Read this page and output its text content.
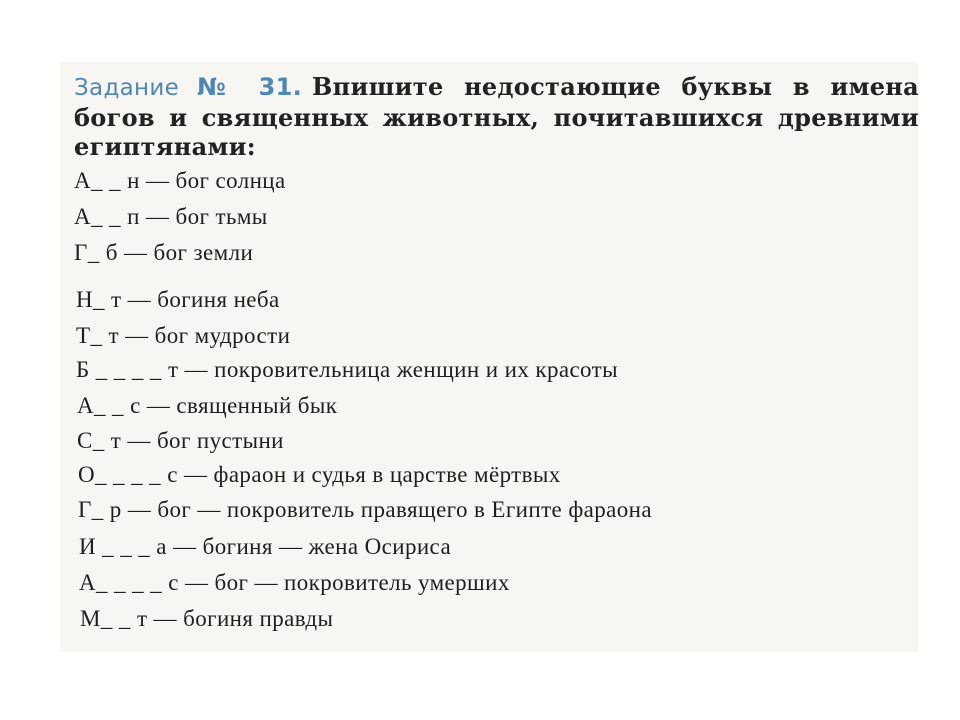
Задание № 31. Впишите недостающие буквы в имена богов и священных животных, почитавшихся древними египтянами:

А_ _ н — бог солнца
А_ _ п — бог тьмы
Г_ б — бог земли
Н_ т — богиня неба
Т_ т — бог мудрости
Б _ _ _ _ т — покровительница женщин и их красоты
А_ _ с — священный бык
С_ т — бог пустыни
О_ _ _ _ с — фараон и судья в царстве мёртвых
Г_ р — бог — покровитель правящего в Египте фараона
И _ _ _ а — богиня — жена Осириса
А_ _ _ _ с — бог — покровитель умерших
М_ _ т — богиня правды
